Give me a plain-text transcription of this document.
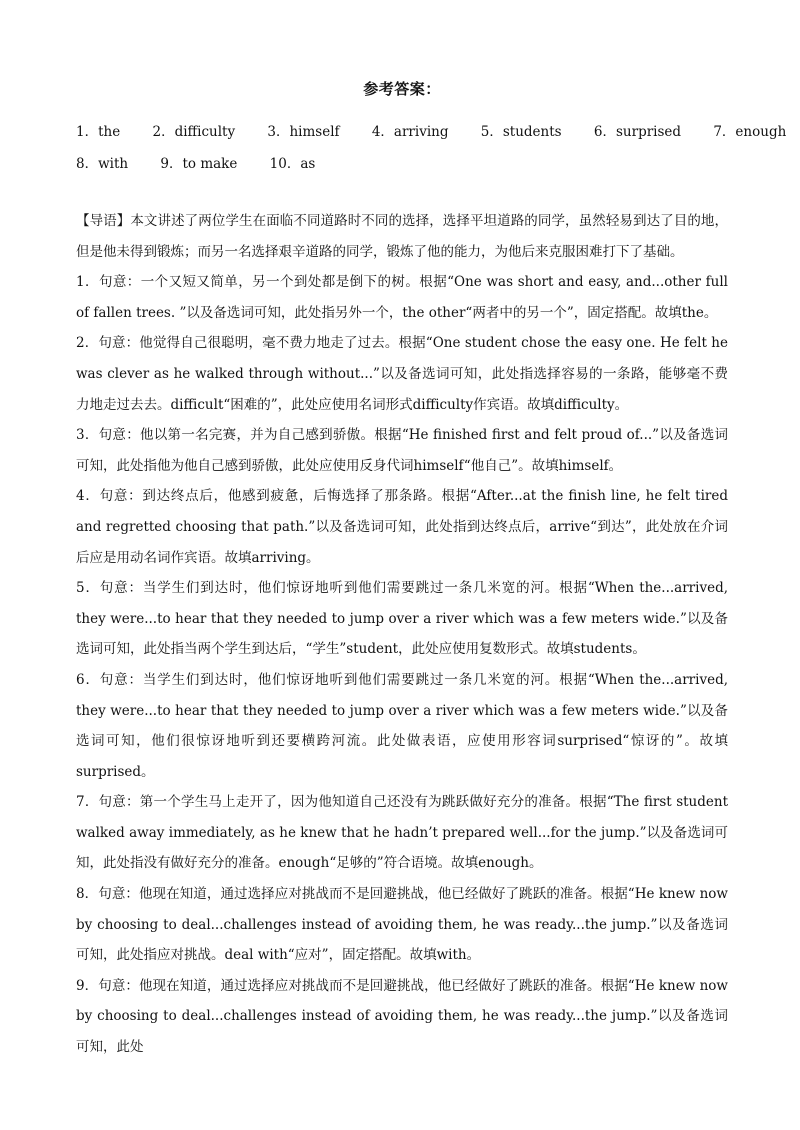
参考答案：
1．the 2．difficulty 3．himself 4．arriving 5．students 6．surprised 7．enough
8．with 9．to make 10．as

【导语】本文讲述了两位学生在面临不同道路时不同的选择，选择平坦道路的同学，虽然轻易到达了目的地，但是他未得到锻炼；而另一名选择艰辛道路的同学，锻炼了他的能力，为他后来克服困难打下了基础。

1．句意：一个又短又简单，另一个到处都是倒下的树。根据“One was short and easy, and...other full of fallen trees. ”以及备选词可知，此处指另外一个，the other“两者中的另一个”，固定搭配。故填the。

2．句意：他觉得自己很聪明，毫不费力地走了过去。根据“One student chose the easy one. He felt he was clever as he walked through without...”以及备选词可知，此处指选择容易的一条路，能够毫不费力地走过去去。difficult“困难的”，此处应使用名词形式difficulty作宾语。故填difficulty。

3．句意：他以第一名完赛，并为自己感到骄傲。根据“He finished first and felt proud of...”以及备选词可知，此处指他为他自己感到骄傲，此处应使用反身代词himself“他自己”。故填himself。

4．句意：到达终点后，他感到疲惫，后悔选择了那条路。根据“After...at the finish line, he felt tired and regretted choosing that path.”以及备选词可知，此处指到达终点后，arrive“到达”，此处放在介词后应是用动名词作宾语。故填arriving。

5．句意：当学生们到达时，他们惊讶地听到他们需要跳过一条几米宽的河。根据“When the...arrived, they were...to hear that they needed to jump over a river which was a few meters wide.”以及备选词可知，此处指当两个学生到达后，“学生”student，此处应使用复数形式。故填students。

6．句意：当学生们到达时，他们惊讶地听到他们需要跳过一条几米宽的河。根据“When the...arrived, they were...to hear that they needed to jump over a river which was a few meters wide.”以及备选词可知，他们很惊讶地听到还要横跨河流。此处做表语，应使用形容词surprised“惊讶的”。故填surprised。

7．句意：第一个学生马上走开了，因为他知道自己还没有为跳跃做好充分的准备。根据“The first student walked away immediately, as he knew that he hadn’t prepared well...for the jump.”以及备选词可知，此处指没有做好充分的准备。enough“足够的”符合语境。故填enough。

8．句意：他现在知道，通过选择应对挑战而不是回避挑战，他已经做好了跳跃的准备。根据“He knew now by choosing to deal...challenges instead of avoiding them, he was ready...the jump.”以及备选词可知，此处指应对挑战。deal with“应对”，固定搭配。故填with。

9．句意：他现在知道，通过选择应对挑战而不是回避挑战，他已经做好了跳跃的准备。根据“He knew now by choosing to deal...challenges instead of avoiding them, he was ready...the jump.”以及备选词可知，此处
